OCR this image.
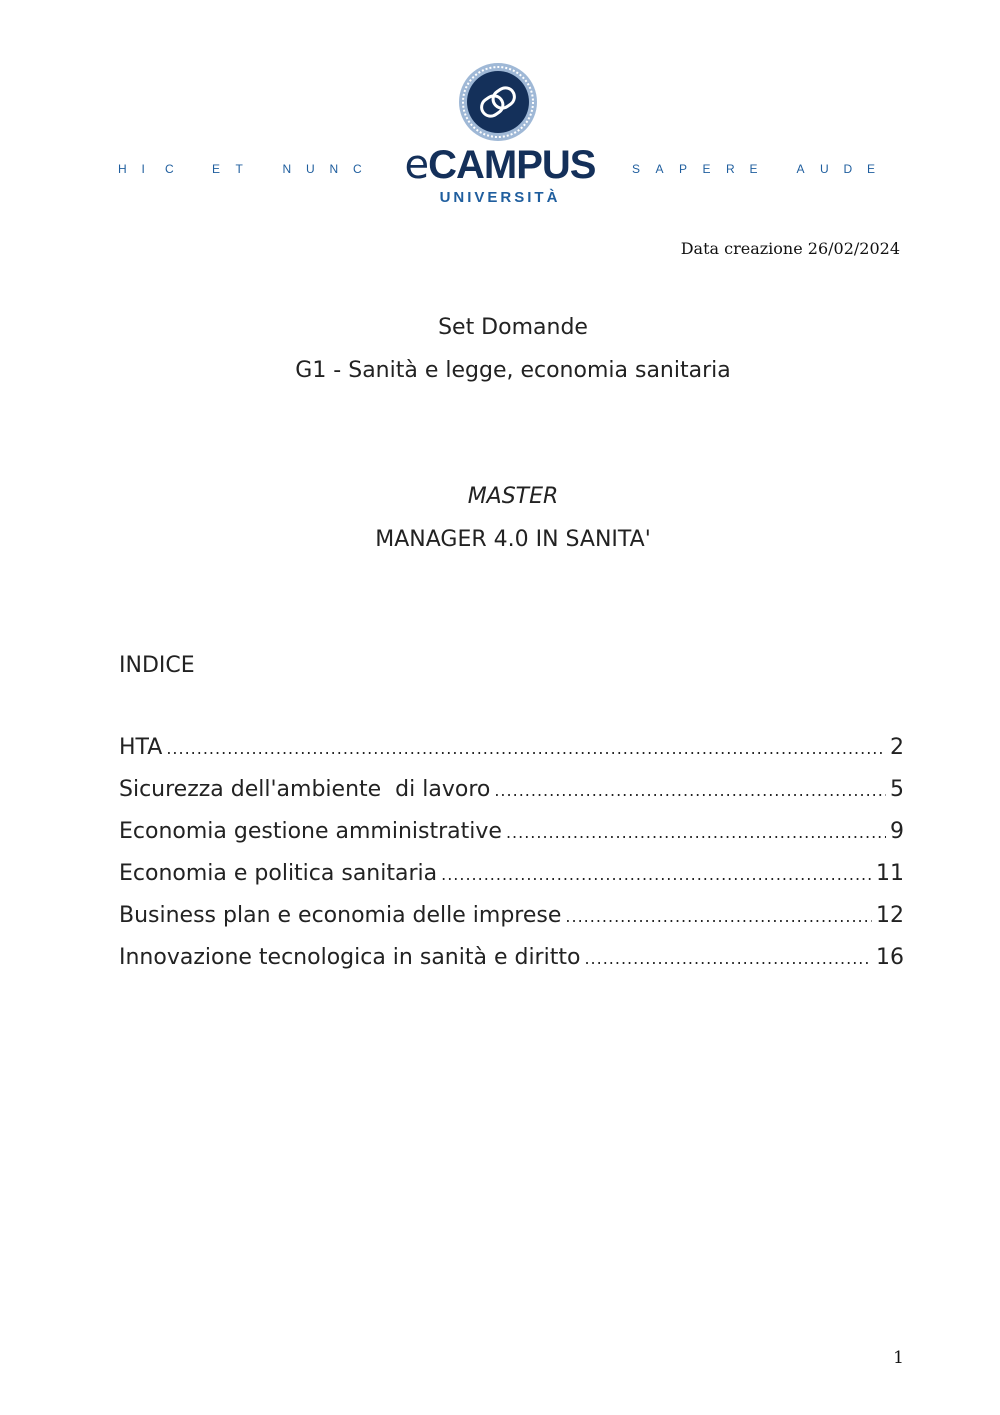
H I C	E T	N U N C	eCAMPUS
UNIVERSITÀ
S A P E R E	A U D E
Data creazione 26/02/2024
Set Domande
G1 - Sanità e legge, economia sanitaria
MASTER
MANAGER 4.0 IN SANITA'
INDICE
HTA .....	2
Sicurezza dell'ambiente  di lavoro .....	5
Economia gestione amministrative .....	9
Economia e politica sanitaria .....	11
Business plan e economia delle imprese .....	12
Innovazione tecnologica in sanità e diritto .....	16
1
